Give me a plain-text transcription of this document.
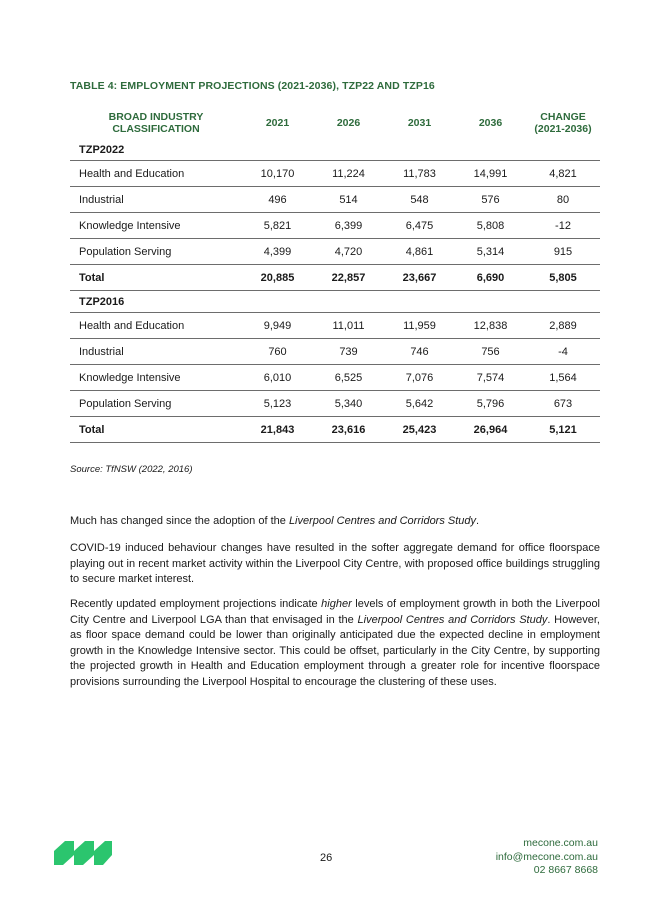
TABLE 4: EMPLOYMENT PROJECTIONS (2021-2036), TZP22 AND TZP16

BROAD INDUSTRY CLASSIFICATION	2021	2026	2031	2036	CHANGE (2021-2036)
TZP2022					
Health and Education	10,170	11,224	11,783	14,991	4,821
Industrial	496	514	548	576	80
Knowledge Intensive	5,821	6,399	6,475	5,808	-12
Population Serving	4,399	4,720	4,861	5,314	915
Total	20,885	22,857	23,667	6,690	5,805
TZP2016					
Health and Education	9,949	11,011	11,959	12,838	2,889
Industrial	760	739	746	756	-4
Knowledge Intensive	6,010	6,525	7,076	7,574	1,564
Population Serving	5,123	5,340	5,642	5,796	673
Total	21,843	23,616	25,423	26,964	5,121

Source: TfNSW (2022, 2016)

Much has changed since the adoption of the Liverpool Centres and Corridors Study.

COVID-19 induced behaviour changes have resulted in the softer aggregate demand for office floorspace playing out in recent market activity within the Liverpool City Centre, with proposed office buildings struggling to secure market interest.

Recently updated employment projections indicate higher levels of employment growth in both the Liverpool City Centre and Liverpool LGA than that envisaged in the Liverpool Centres and Corridors Study. However, as floor space demand could be lower than originally anticipated due the expected decline in employment growth in the Knowledge Intensive sector. This could be offset, particularly in the City Centre, by supporting the projected growth in Health and Education employment through a greater role for incentive floorspace provisions surrounding the Liverpool Hospital to encourage the clustering of these uses.

26

mecone.com.au
info@mecone.com.au
02 8667 8668
